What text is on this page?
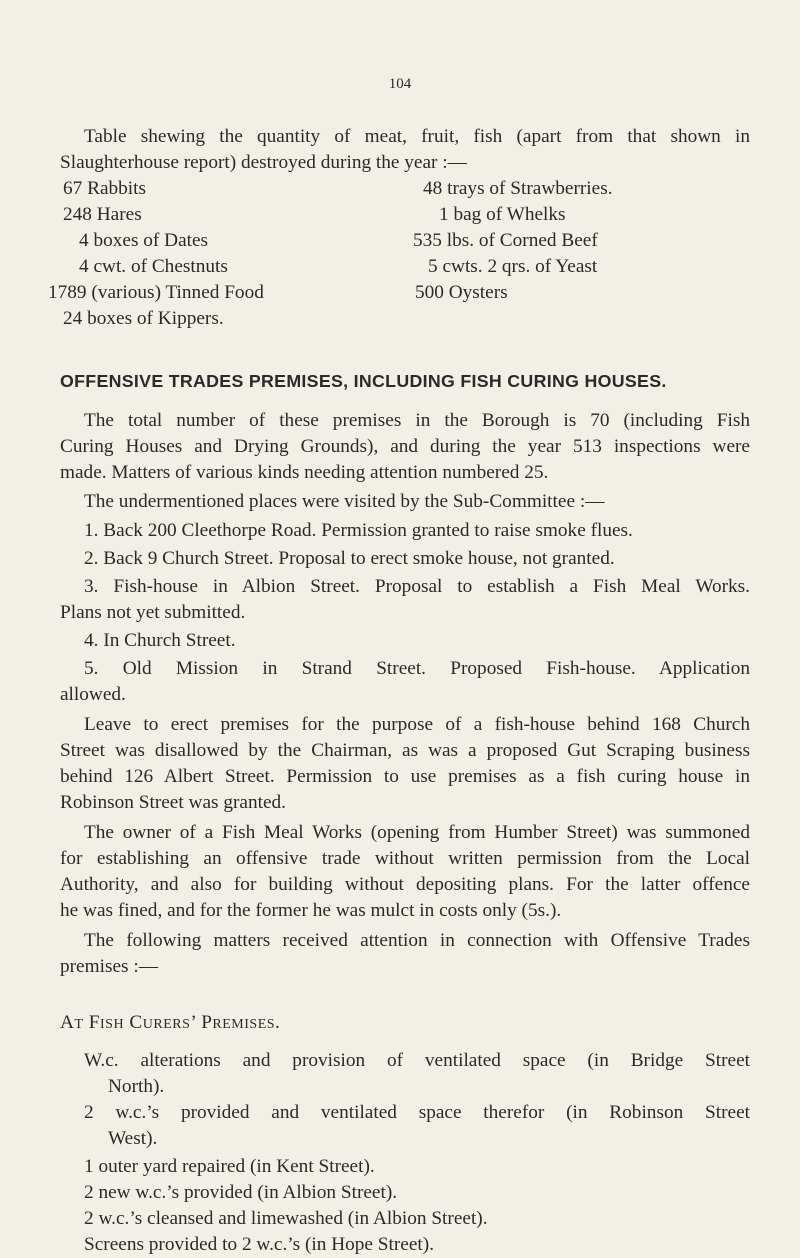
104
Table shewing the quantity of meat, fruit, fish (apart from that shown in
Slaughterhouse report) destroyed during the year :—
67 Rabbits
248 Hares
4 boxes of Dates
4 cwt. of Chestnuts
1789 (various) Tinned Food
24 boxes of Kippers.
48 trays of Strawberries.
1 bag of Whelks
535 lbs. of Corned Beef
5 cwts. 2 qrs. of Yeast
500 Oysters
OFFENSIVE TRADES PREMISES, INCLUDING FISH CURING HOUSES.
The total number of these premises in the Borough is 70 (including Fish
Curing Houses and Drying Grounds), and during the year 513 inspections were
made. Matters of various kinds needing attention numbered 25.
The undermentioned places were visited by the Sub-Committee :—
1. Back 200 Cleethorpe Road. Permission granted to raise smoke flues.
2. Back 9 Church Street. Proposal to erect smoke house, not granted.
3. Fish-house in Albion Street. Proposal to establish a Fish Meal Works.
Plans not yet submitted.
4. In Church Street.
5. Old Mission in Strand Street. Proposed Fish-house. Application
allowed.
Leave to erect premises for the purpose of a fish-house behind 168 Church
Street was disallowed by the Chairman, as was a proposed Gut Scraping business
behind 126 Albert Street. Permission to use premises as a fish curing house in
Robinson Street was granted.
The owner of a Fish Meal Works (opening from Humber Street) was summoned
for establishing an offensive trade without written permission from the Local
Authority, and also for building without depositing plans. For the latter offence
he was fined, and for the former he was mulct in costs only (5s.).
The following matters received attention in connection with Offensive Trades
premises :—
At Fish Curers’ Premises.
W.c. alterations and provision of ventilated space (in Bridge Street
North).
2 w.c.’s provided and ventilated space therefor (in Robinson Street
West).
1 outer yard repaired (in Kent Street).
2 new w.c.’s provided (in Albion Street).
2 w.c.’s cleansed and limewashed (in Albion Street).
Screens provided to 2 w.c.’s (in Hope Street).
